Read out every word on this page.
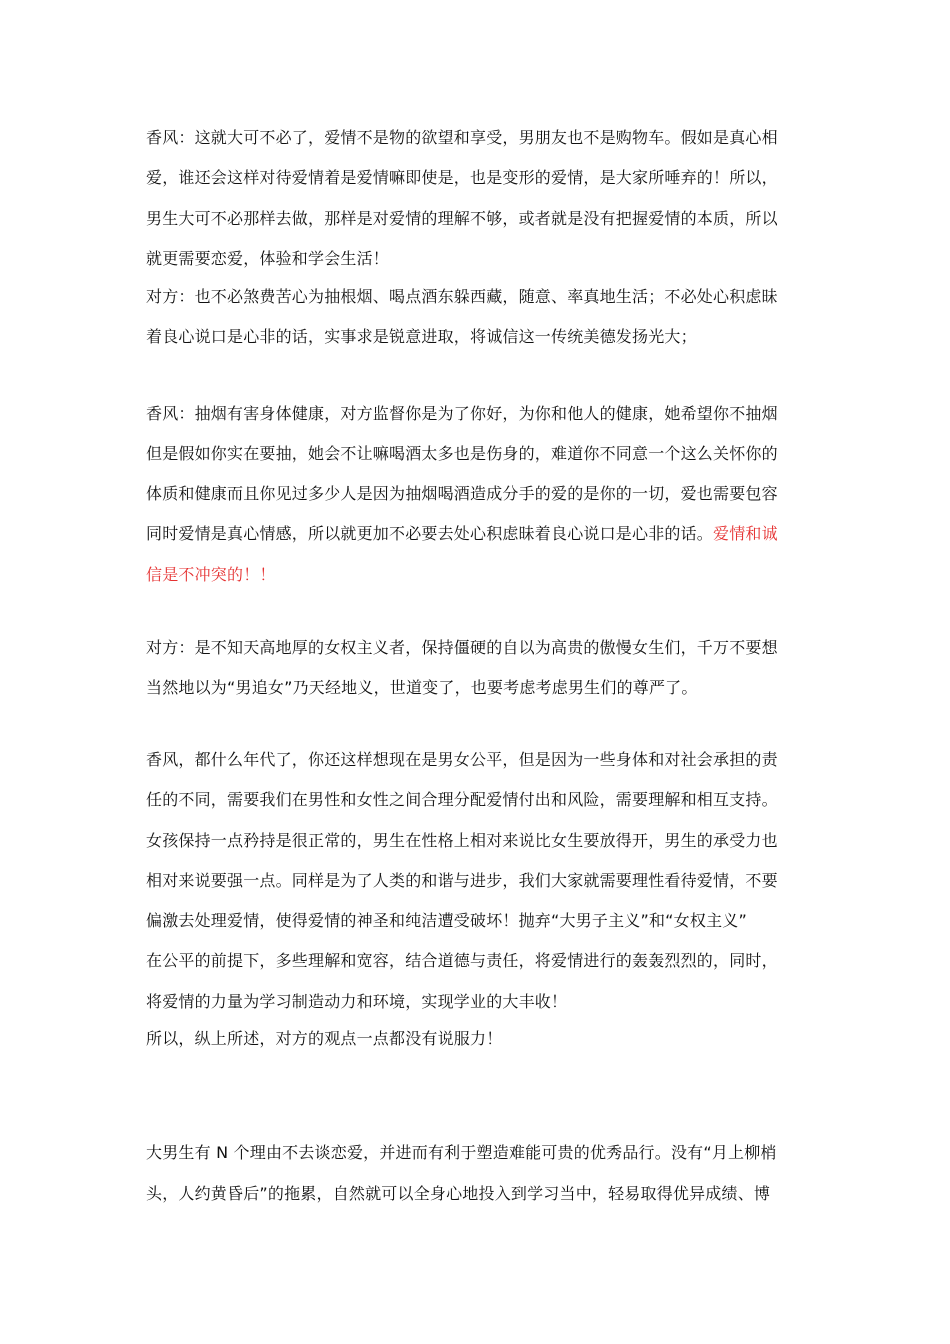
香风：这就大可不必了，爱情不是物的欲望和享受，男朋友也不是购物车。假如是真心相
爱，谁还会这样对待爱情着是爱情嘛即使是，也是变形的爱情，是大家所唾弃的！所以，
男生大可不必那样去做，那样是对爱情的理解不够，或者就是没有把握爱情的本质，所以
就更需要恋爱，体验和学会生活！
对方：也不必煞费苦心为抽根烟、喝点酒东躲西藏，随意、率真地生活；不必处心积虑昧
着良心说口是心非的话，实事求是锐意进取，将诚信这一传统美德发扬光大；
香风：抽烟有害身体健康，对方监督你是为了你好，为你和他人的健康，她希望你不抽烟
但是假如你实在要抽，她会不让嘛喝酒太多也是伤身的，难道你不同意一个这么关怀你的
体质和健康而且你见过多少人是因为抽烟喝酒造成分手的爱的是你的一切，爱也需要包容
同时爱情是真心情感，所以就更加不必要去处心积虑昧着良心说口是心非的话。爱情和诚
信是不冲突的！！
对方：是不知天高地厚的女权主义者，保持僵硬的自以为高贵的傲慢女生们，千万不要想
当然地以为“男追女”乃天经地义，世道变了，也要考虑考虑男生们的尊严了。
香风，都什么年代了，你还这样想现在是男女公平，但是因为一些身体和对社会承担的责
任的不同，需要我们在男性和女性之间合理分配爱情付出和风险，需要理解和相互支持。
女孩保持一点矜持是很正常的，男生在性格上相对来说比女生要放得开，男生的承受力也
相对来说要强一点。同样是为了人类的和谐与进步，我们大家就需要理性看待爱情，不要
偏激去处理爱情，使得爱情的神圣和纯洁遭受破坏！抛弃“大男子主义”和“女权主义”
在公平的前提下，多些理解和宽容，结合道德与责任，将爱情进行的轰轰烈烈的，同时，
将爱情的力量为学习制造动力和环境，实现学业的大丰收！
所以，纵上所述，对方的观点一点都没有说服力！
大男生有 N 个理由不去谈恋爱，并进而有利于塑造难能可贵的优秀品行。没有“月上柳梢
头，人约黄昏后”的拖累，自然就可以全身心地投入到学习当中，轻易取得优异成绩、博
